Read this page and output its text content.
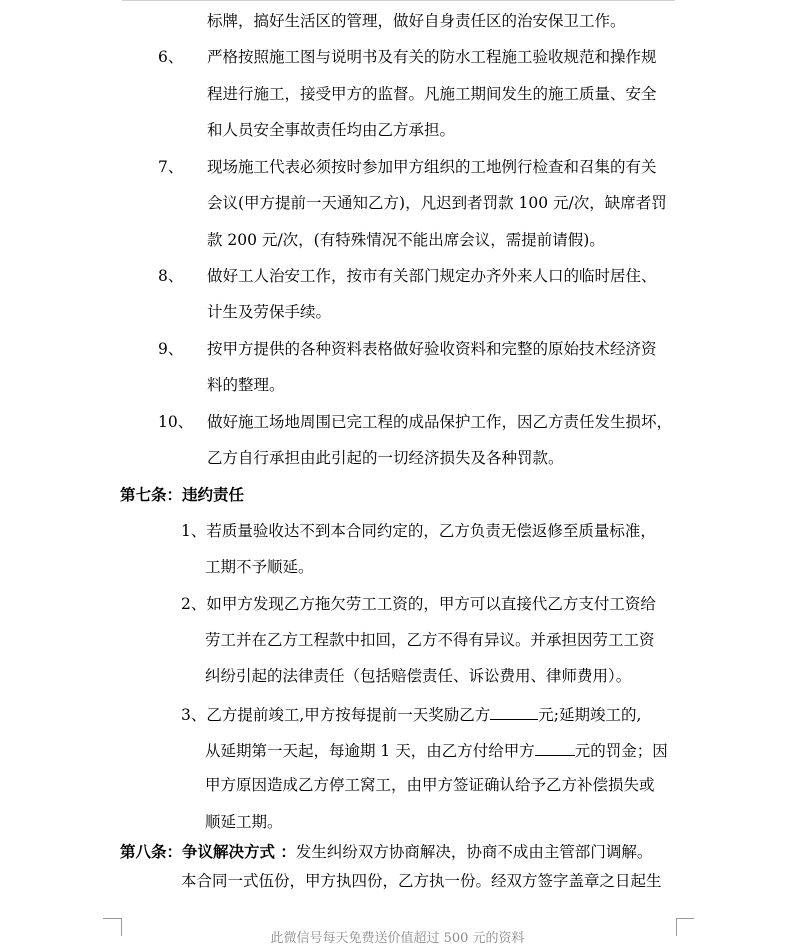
标牌，搞好生活区的管理，做好自身责任区的治安保卫工作。
6、 严格按照施工图与说明书及有关的防水工程施工验收规范和操作规
程进行施工，接受甲方的监督。凡施工期间发生的施工质量、安全
和人员安全事故责任均由乙方承担。
7、 现场施工代表必须按时参加甲方组织的工地例行检查和召集的有关
会议(甲方提前一天通知乙方)，凡迟到者罚款 100 元/次，缺席者罚
款 200 元/次，(有特殊情况不能出席会议，需提前请假)。
8、 做好工人治安工作，按市有关部门规定办齐外来人口的临时居住、
计生及劳保手续。
9、 按甲方提供的各种资料表格做好验收资料和完整的原始技术经济资
料的整理。
10、 做好施工场地周围已完工程的成品保护工作，因乙方责任发生损坏，
乙方自行承担由此引起的一切经济损失及各种罚款。
第七条：违约责任
1、若质量验收达不到本合同约定的，乙方负责无偿返修至质量标准，
工期不予顺延。
2、如甲方发现乙方拖欠劳工工资的，甲方可以直接代乙方支付工资给
劳工并在乙方工程款中扣回，乙方不得有异议。并承担因劳工工资
纠纷引起的法律责任（包括赔偿责任、诉讼费用、律师费用）。
3、乙方提前竣工,甲方按每提前一天奖励乙方	元;延期竣工的,
从延期第一天起，每逾期 1 天，由乙方付给甲方	元的罚金；因
甲方原因造成乙方停工窝工，由甲方签证确认给予乙方补偿损失或
顺延工期。
第八条：争议解决方式 ：发生纠纷双方协商解决，协商不成由主管部门调解。
本合同一式伍份，甲方执四份，乙方执一份。经双方签字盖章之日起生
此微信号每天免费送价值超过 500 元的资料
